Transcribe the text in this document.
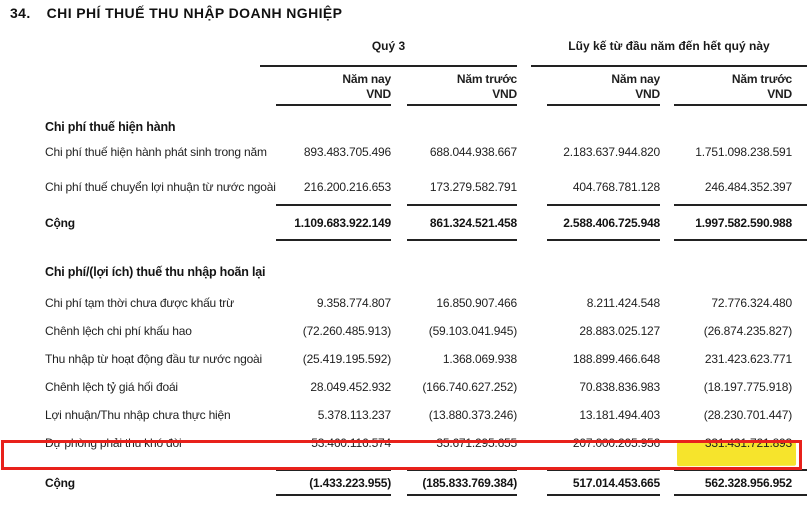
34. CHI PHÍ THUẾ THU NHẬP DOANH NGHIỆP
Quý 3	Lũy kế từ đầu năm đến hết quý này
Năm nay	Năm trước	Năm nay	Năm trước
VND	VND	VND	VND
Chi phí thuế hiện hành
Chi phí thuế hiện hành phát sinh trong năm	893.483.705.496	688.044.938.667	2.183.637.944.820	1.751.098.238.591
Chi phí thuế chuyển lợi nhuận từ nước ngoài	216.200.216.653	173.279.582.791	404.768.781.128	246.484.352.397
Cộng	1.109.683.922.149	861.324.521.458	2.588.406.725.948	1.997.582.590.988
Chi phí/(lợi ích) thuế thu nhập hoãn lại
Chi phí tạm thời chưa được khấu trừ	9.358.774.807	16.850.907.466	8.211.424.548	72.776.324.480
Chênh lệch chi phí khấu hao	(72.260.485.913)	(59.103.041.945)	28.883.025.127	(26.874.235.827)
Thu nhập từ hoạt động đầu tư nước ngoài	(25.419.195.592)	1.368.069.938	188.899.466.648	231.423.623.771
Chênh lệch tỷ giá hối đoái	28.049.452.932	(166.740.627.252)	70.838.836.983	(18.197.775.918)
Lợi nhuận/Thu nhập chưa thực hiện	5.378.113.237	(13.880.373.246)	13.181.494.403	(28.230.701.447)
Dự phòng phải thu khó đòi	53.460.116.574	35.671.295.655	207.000.205.956	331.431.721.893
Cộng	(1.433.223.955)	(185.833.769.384)	517.014.453.665	562.328.956.952
